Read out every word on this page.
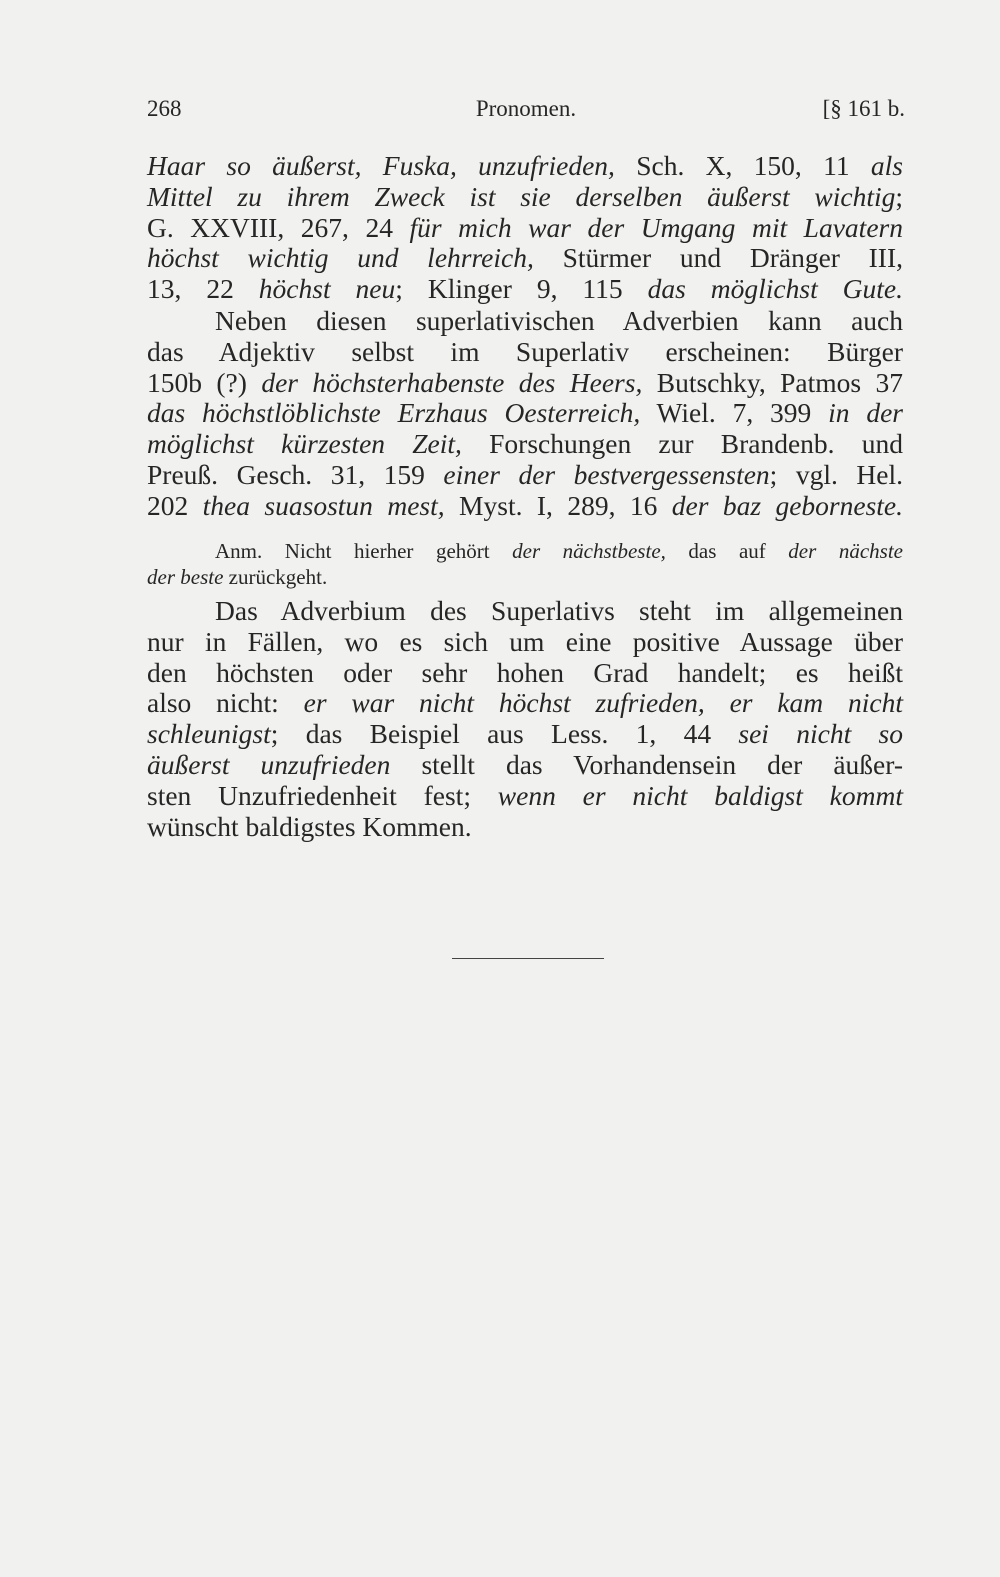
268	Pronomen.	[§ 161 b.
Haar so äußerst, Fuska, unzufrieden, Sch. X, 150, 11 als
Mittel zu ihrem Zweck ist sie derselben äußerst wichtig;
G. XXVIII, 267, 24 für mich war der Umgang mit Lavatern
höchst wichtig und lehrreich, Stürmer und Dränger III,
13, 22 höchst neu; Klinger 9, 115 das möglichst Gute.
Neben diesen superlativischen Adverbien kann auch
das Adjektiv selbst im Superlativ erscheinen: Bürger
150b (?) der höchsterhabenste des Heers, Butschky, Patmos 37
das höchstlöblichste Erzhaus Oesterreich, Wiel. 7, 399 in der
möglichst kürzesten Zeit, Forschungen zur Brandenb. und
Preuß. Gesch. 31, 159 einer der bestvergessensten; vgl. Hel.
202 thea suasostun mest, Myst. I, 289, 16 der baz geborneste.
Anm. Nicht hierher gehört der nächstbeste, das auf der nächste
der beste zurückgeht.
Das Adverbium des Superlativs steht im allgemeinen
nur in Fällen, wo es sich um eine positive Aussage über
den höchsten oder sehr hohen Grad handelt; es heißt
also nicht: er war nicht höchst zufrieden, er kam nicht
schleunigst; das Beispiel aus Less. 1, 44 sei nicht so
äußerst unzufrieden stellt das Vorhandensein der äußer-
sten Unzufriedenheit fest; wenn er nicht baldigst kommt
wünscht baldigstes Kommen.
